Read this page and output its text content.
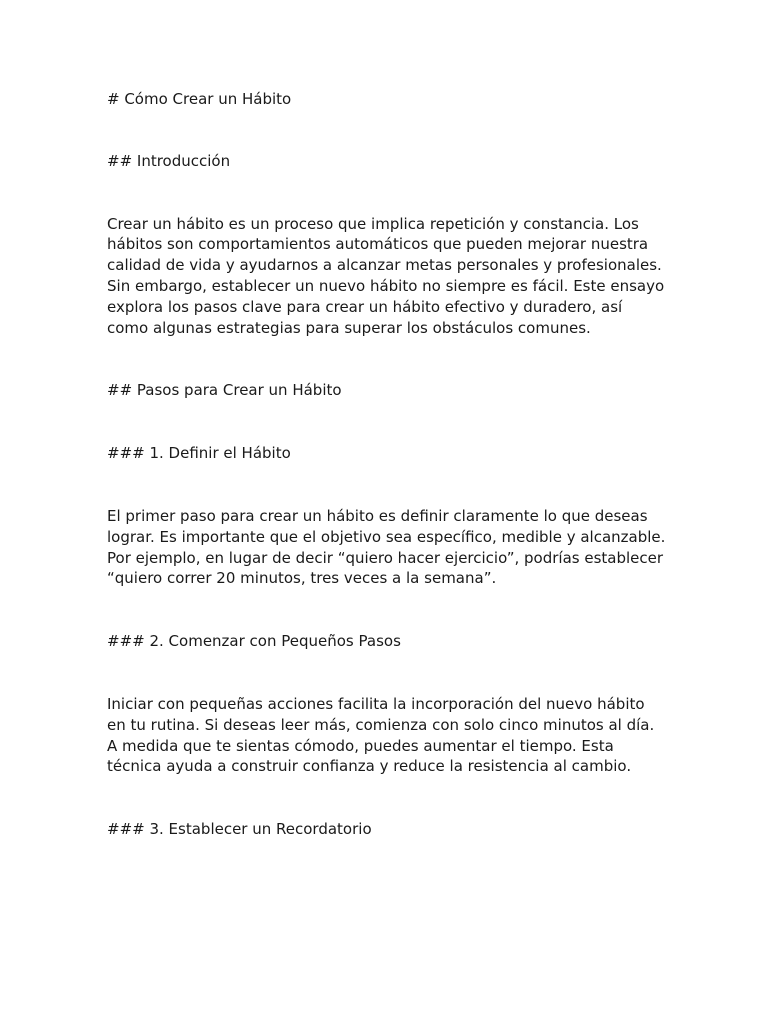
# Cómo Crear un Hábito
## Introducción

Crear un hábito es un proceso que implica repetición y constancia. Los hábitos son comportamientos automáticos que pueden mejorar nuestra calidad de vida y ayudarnos a alcanzar metas personales y profesionales. Sin embargo, establecer un nuevo hábito no siempre es fácil. Este ensayo explora los pasos clave para crear un hábito efectivo y duradero, así como algunas estrategias para superar los obstáculos comunes.

## Pasos para Crear un Hábito
### 1. Definir el Hábito

El primer paso para crear un hábito es definir claramente lo que deseas lograr. Es importante que el objetivo sea específico, medible y alcanzable. Por ejemplo, en lugar de decir “quiero hacer ejercicio”, podrías establecer “quiero correr 20 minutos, tres veces a la semana”.

### 2. Comenzar con Pequeños Pasos

Iniciar con pequeñas acciones facilita la incorporación del nuevo hábito en tu rutina. Si deseas leer más, comienza con solo cinco minutos al día. A medida que te sientas cómodo, puedes aumentar el tiempo. Esta técnica ayuda a construir confianza y reduce la resistencia al cambio.

### 3. Establecer un Recordatorio
